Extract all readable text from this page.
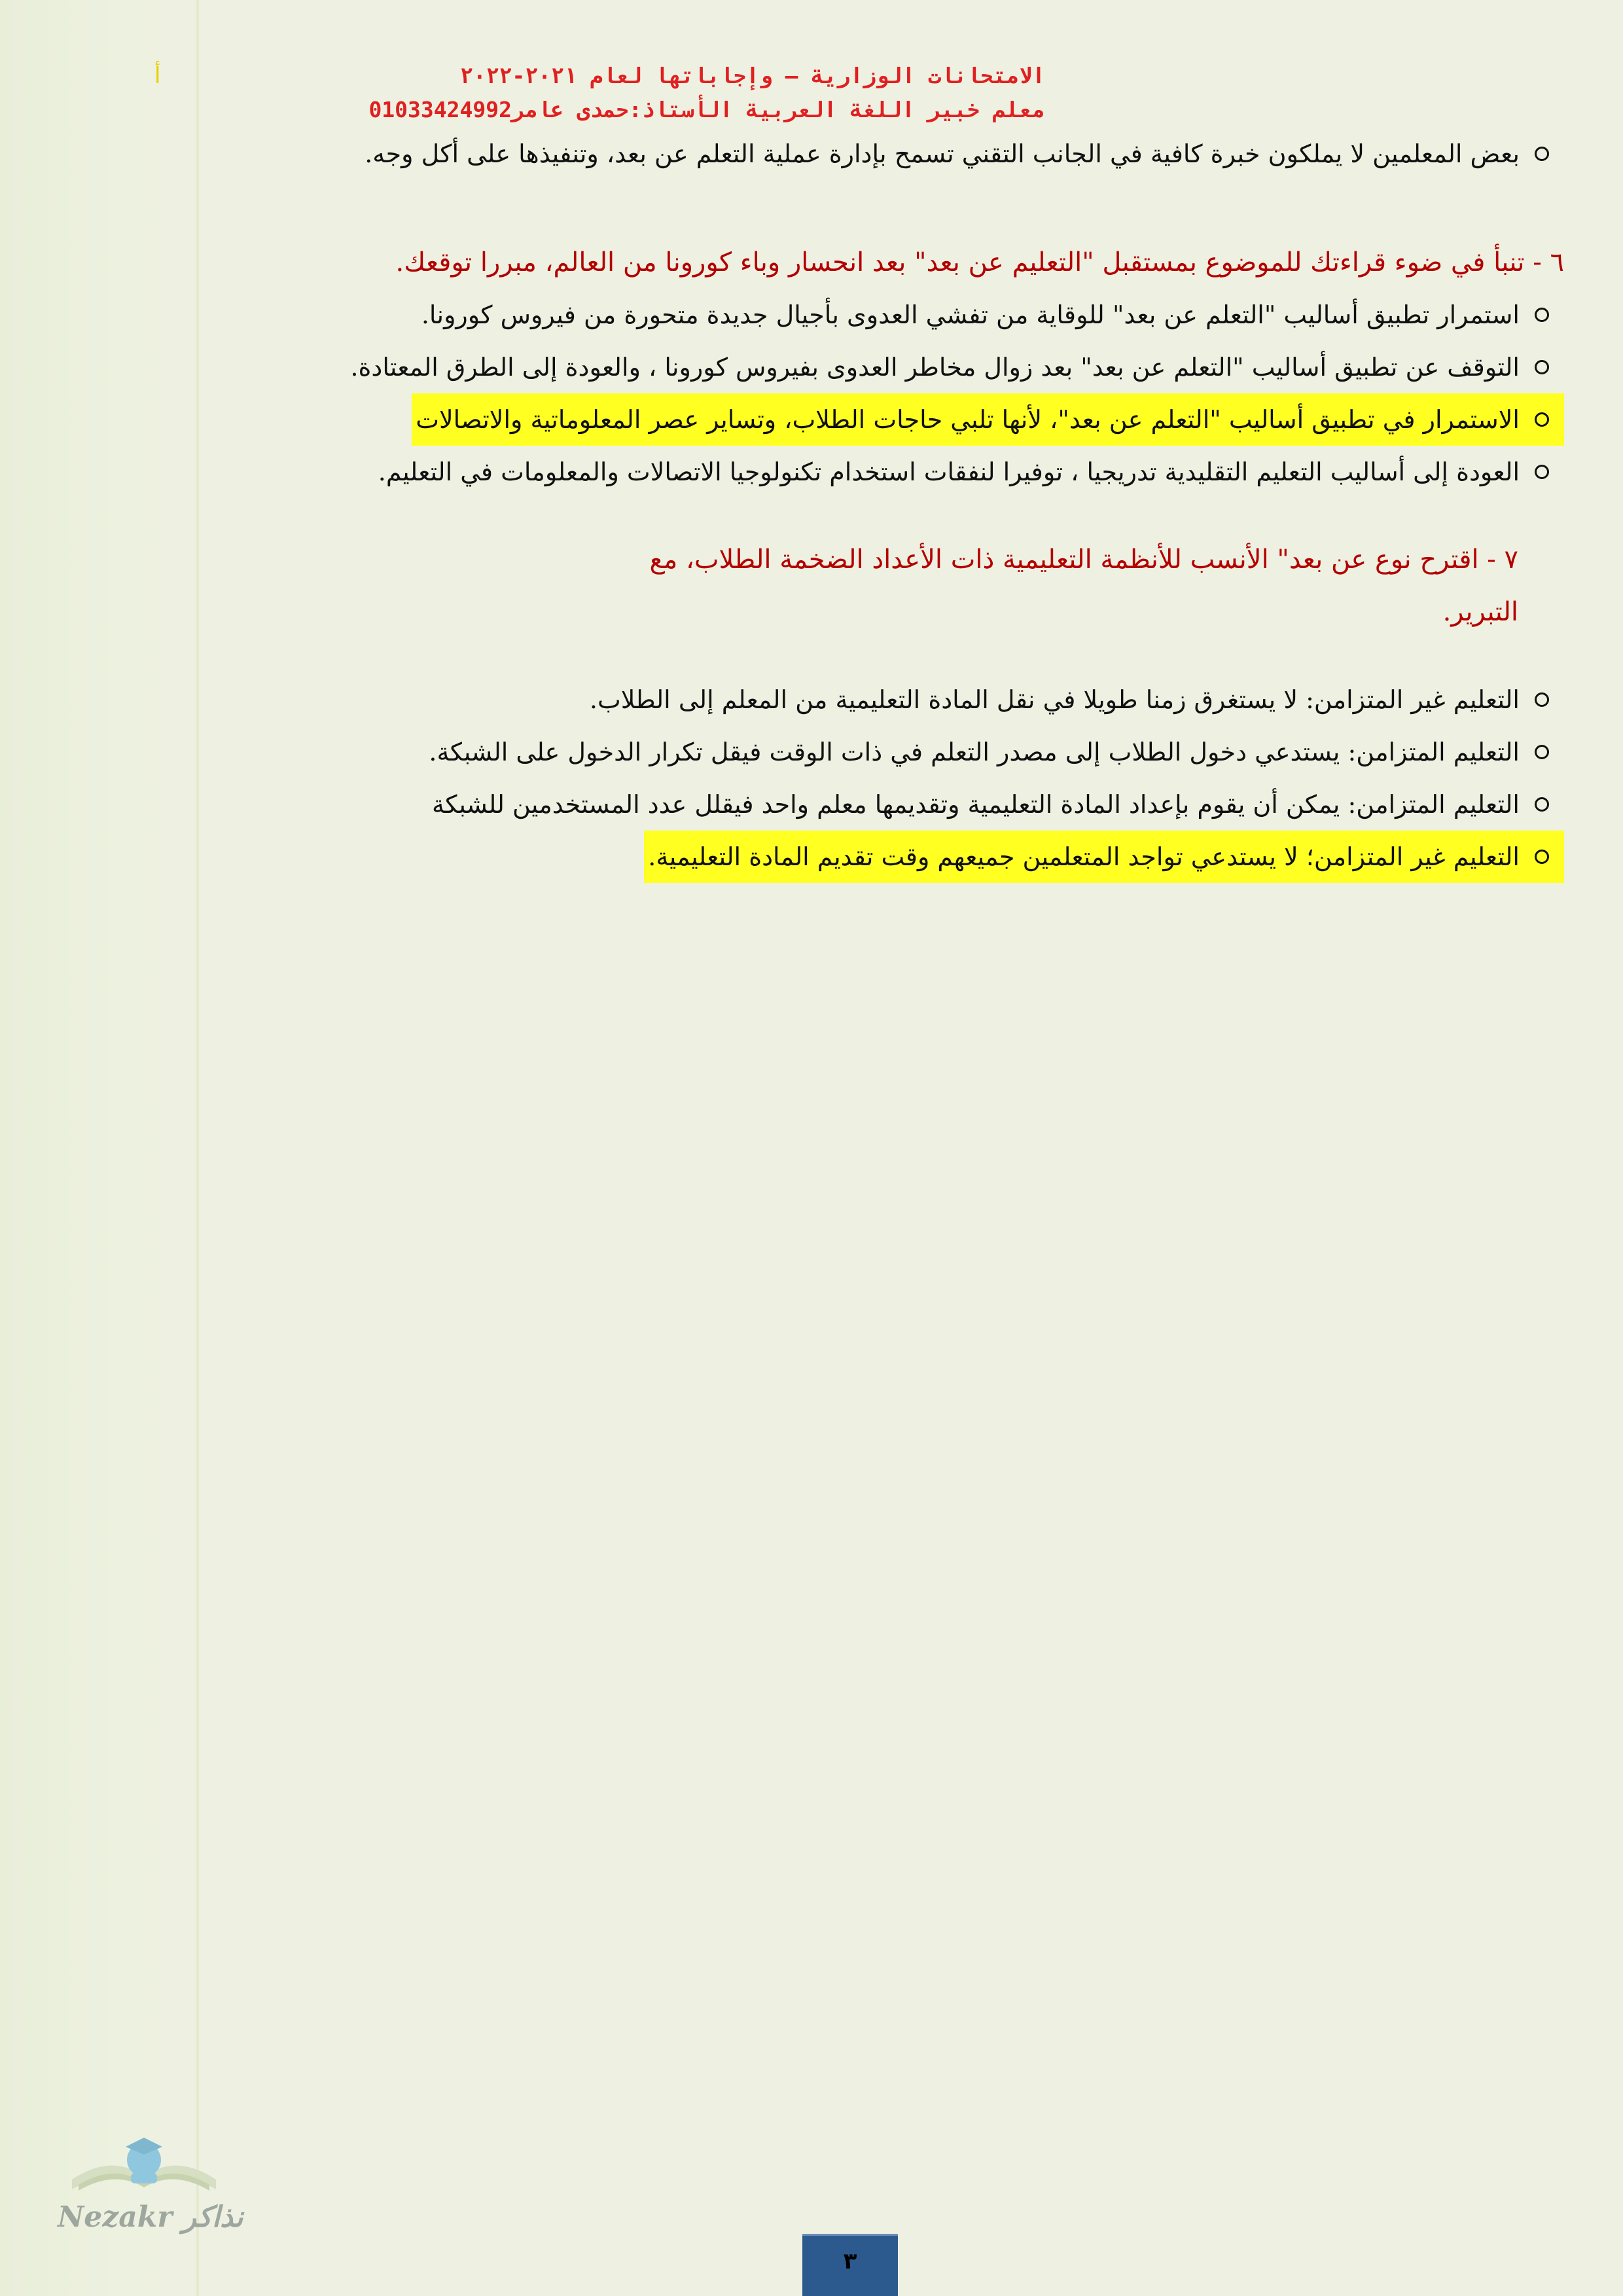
أ	الامتحانات الوزارية – وإجاباتها لعام ٢٠٢١-٢٠٢٢
معلم خبير اللغة العربية الأستاذ:حمدى عامر01033424992
بعض المعلمين لا يملكون خبرة كافية في الجانب التقني تسمح بإدارة عملية التعلم عن بعد، وتنفيذها على أكل وجه.
٦ - تنبأ في ضوء قراءتك للموضوع بمستقبل "التعليم عن بعد" بعد انحسار وباء كورونا من العالم، مبررا توقعك.
استمرار تطبيق أساليب "التعلم عن بعد" للوقاية من تفشي العدوى بأجيال جديدة متحورة من فيروس كورونا.
التوقف عن تطبيق أساليب "التعلم عن بعد" بعد زوال مخاطر العدوى بفيروس كورونا ، والعودة إلى الطرق المعتادة.
الاستمرار في تطبيق أساليب "التعلم عن بعد"، لأنها تلبي حاجات الطلاب، وتساير عصر المعلوماتية والاتصالات
العودة إلى أساليب التعليم التقليدية تدريجيا ، توفيرا لنفقات استخدام تكنولوجيا الاتصالات والمعلومات في التعليم.
٧ - اقترح نوع عن بعد" الأنسب للأنظمة التعليمية ذات الأعداد الضخمة الطلاب، مع
التبرير.
التعليم غير المتزامن: لا يستغرق زمنا طويلا في نقل المادة التعليمية من المعلم إلى الطلاب.
التعليم المتزامن: يستدعي دخول الطلاب إلى مصدر التعلم في ذات الوقت فيقل تكرار الدخول على الشبكة.
التعليم المتزامن: يمكن أن يقوم بإعداد المادة التعليمية وتقديمها معلم واحد فيقلل عدد المستخدمين للشبكة
التعليم غير المتزامن؛ لا يستدعي تواجد المتعلمين جميعهم وقت تقديم المادة التعليمية.
Nezakr نذاكر
٣
